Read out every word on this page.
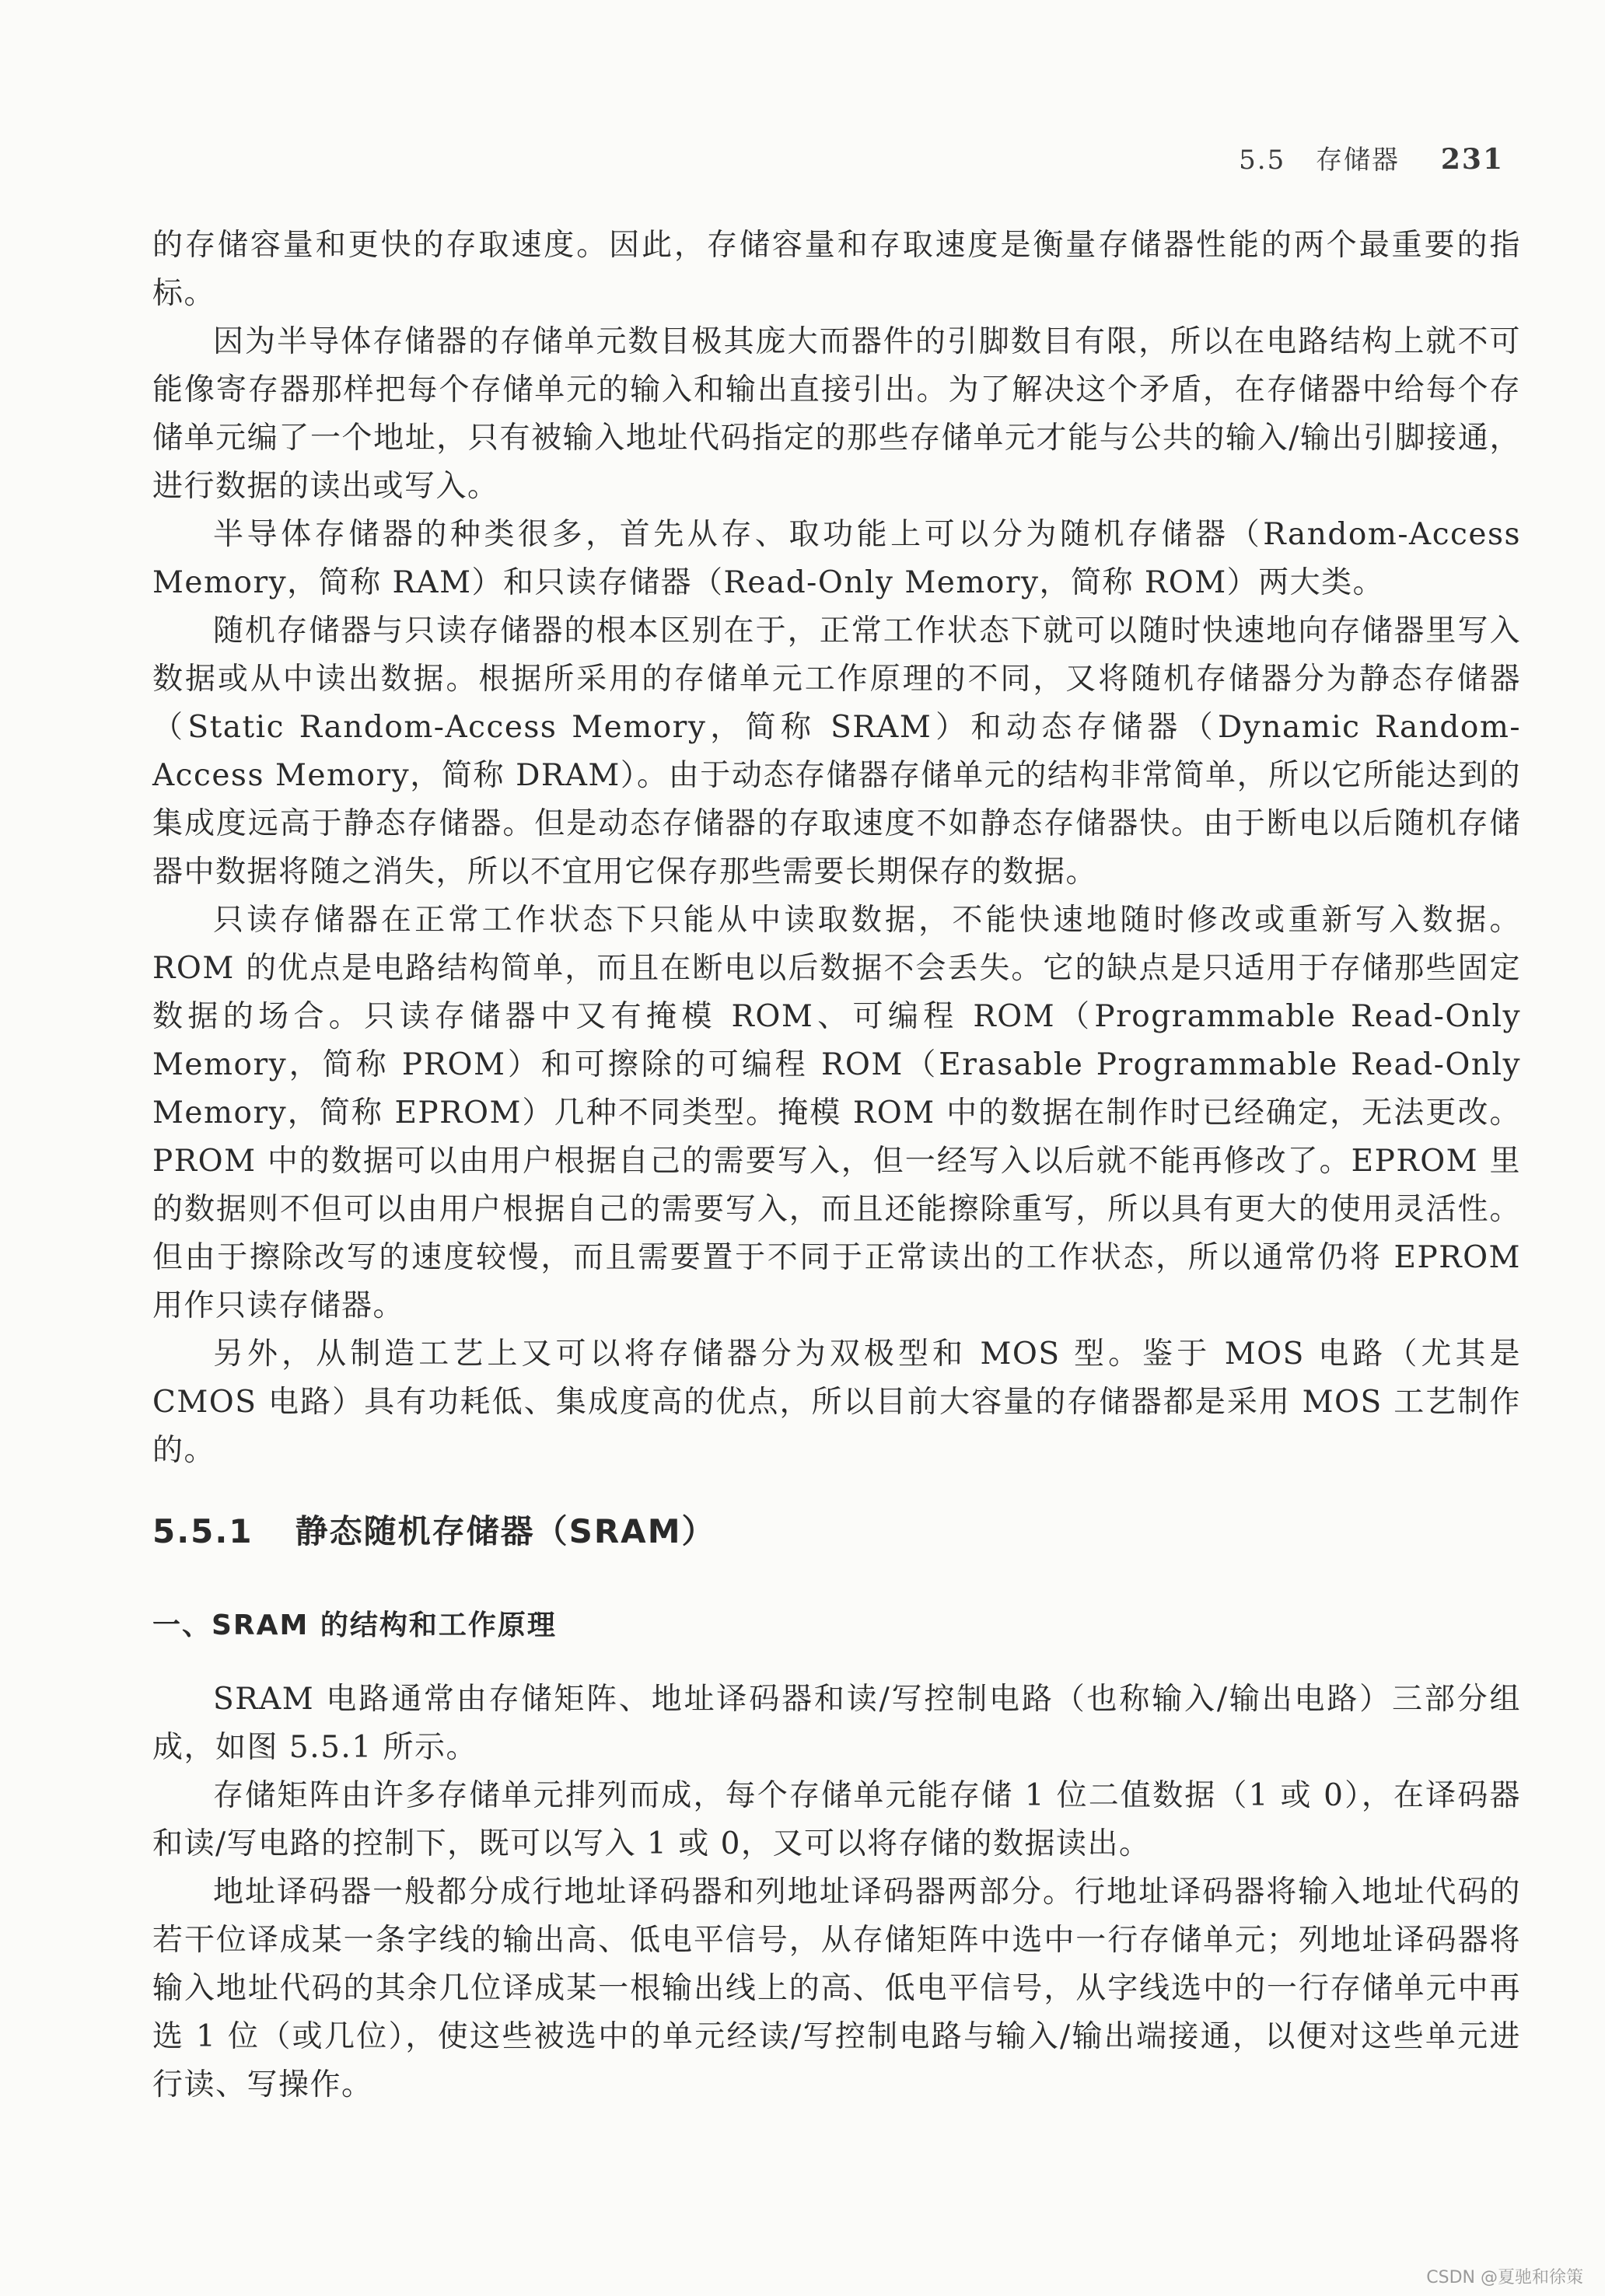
5.5 存储器 231

的存储容量和更快的存取速度。因此，存储容量和存取速度是衡量存储器性能的两个最重要的指标。

因为半导体存储器的存储单元数目极其庞大而器件的引脚数目有限，所以在电路结构上就不可能像寄存器那样把每个存储单元的输入和输出直接引出。为了解决这个矛盾，在存储器中给每个存储单元编了一个地址，只有被输入地址代码指定的那些存储单元才能与公共的输入/输出引脚接通，进行数据的读出或写入。

半导体存储器的种类很多，首先从存、取功能上可以分为随机存储器（Random-Access Memory，简称 RAM）和只读存储器（Read-Only Memory，简称 ROM）两大类。

随机存储器与只读存储器的根本区别在于，正常工作状态下就可以随时快速地向存储器里写入数据或从中读出数据。根据所采用的存储单元工作原理的不同，又将随机存储器分为静态存储器（Static Random-Access Memory，简称 SRAM）和动态存储器（Dynamic Random-Access Memory，简称 DRAM）。由于动态存储器存储单元的结构非常简单，所以它所能达到的集成度远高于静态存储器。但是动态存储器的存取速度不如静态存储器快。由于断电以后随机存储器中数据将随之消失，所以不宜用它保存那些需要长期保存的数据。

只读存储器在正常工作状态下只能从中读取数据，不能快速地随时修改或重新写入数据。ROM 的优点是电路结构简单，而且在断电以后数据不会丢失。它的缺点是只适用于存储那些固定数据的场合。只读存储器中又有掩模 ROM、可编程 ROM（Programmable Read-Only Memory，简称 PROM）和可擦除的可编程 ROM（Erasable Programmable Read-Only Memory，简称 EPROM）几种不同类型。掩模 ROM 中的数据在制作时已经确定，无法更改。PROM 中的数据可以由用户根据自己的需要写入，但一经写入以后就不能再修改了。EPROM 里的数据则不但可以由用户根据自己的需要写入，而且还能擦除重写，所以具有更大的使用灵活性。但由于擦除改写的速度较慢，而且需要置于不同于正常读出的工作状态，所以通常仍将 EPROM 用作只读存储器。

另外，从制造工艺上又可以将存储器分为双极型和 MOS 型。鉴于 MOS 电路（尤其是 CMOS 电路）具有功耗低、集成度高的优点，所以目前大容量的存储器都是采用 MOS 工艺制作的。

5.5.1 静态随机存储器（SRAM）
一、SRAM 的结构和工作原理

SRAM 电路通常由存储矩阵、地址译码器和读/写控制电路（也称输入/输出电路）三部分组成，如图 5.5.1 所示。

存储矩阵由许多存储单元排列而成，每个存储单元能存储 1 位二值数据（1 或 0），在译码器和读/写电路的控制下，既可以写入 1 或 0，又可以将存储的数据读出。

地址译码器一般都分成行地址译码器和列地址译码器两部分。行地址译码器将输入地址代码的若干位译成某一条字线的输出高、低电平信号，从存储矩阵中选中一行存储单元；列地址译码器将输入地址代码的其余几位译成某一根输出线上的高、低电平信号，从字线选中的一行存储单元中再选 1 位（或几位），使这些被选中的单元经读/写控制电路与输入/输出端接通，以便对这些单元进行读、写操作。

CSDN @夏驰和徐策
